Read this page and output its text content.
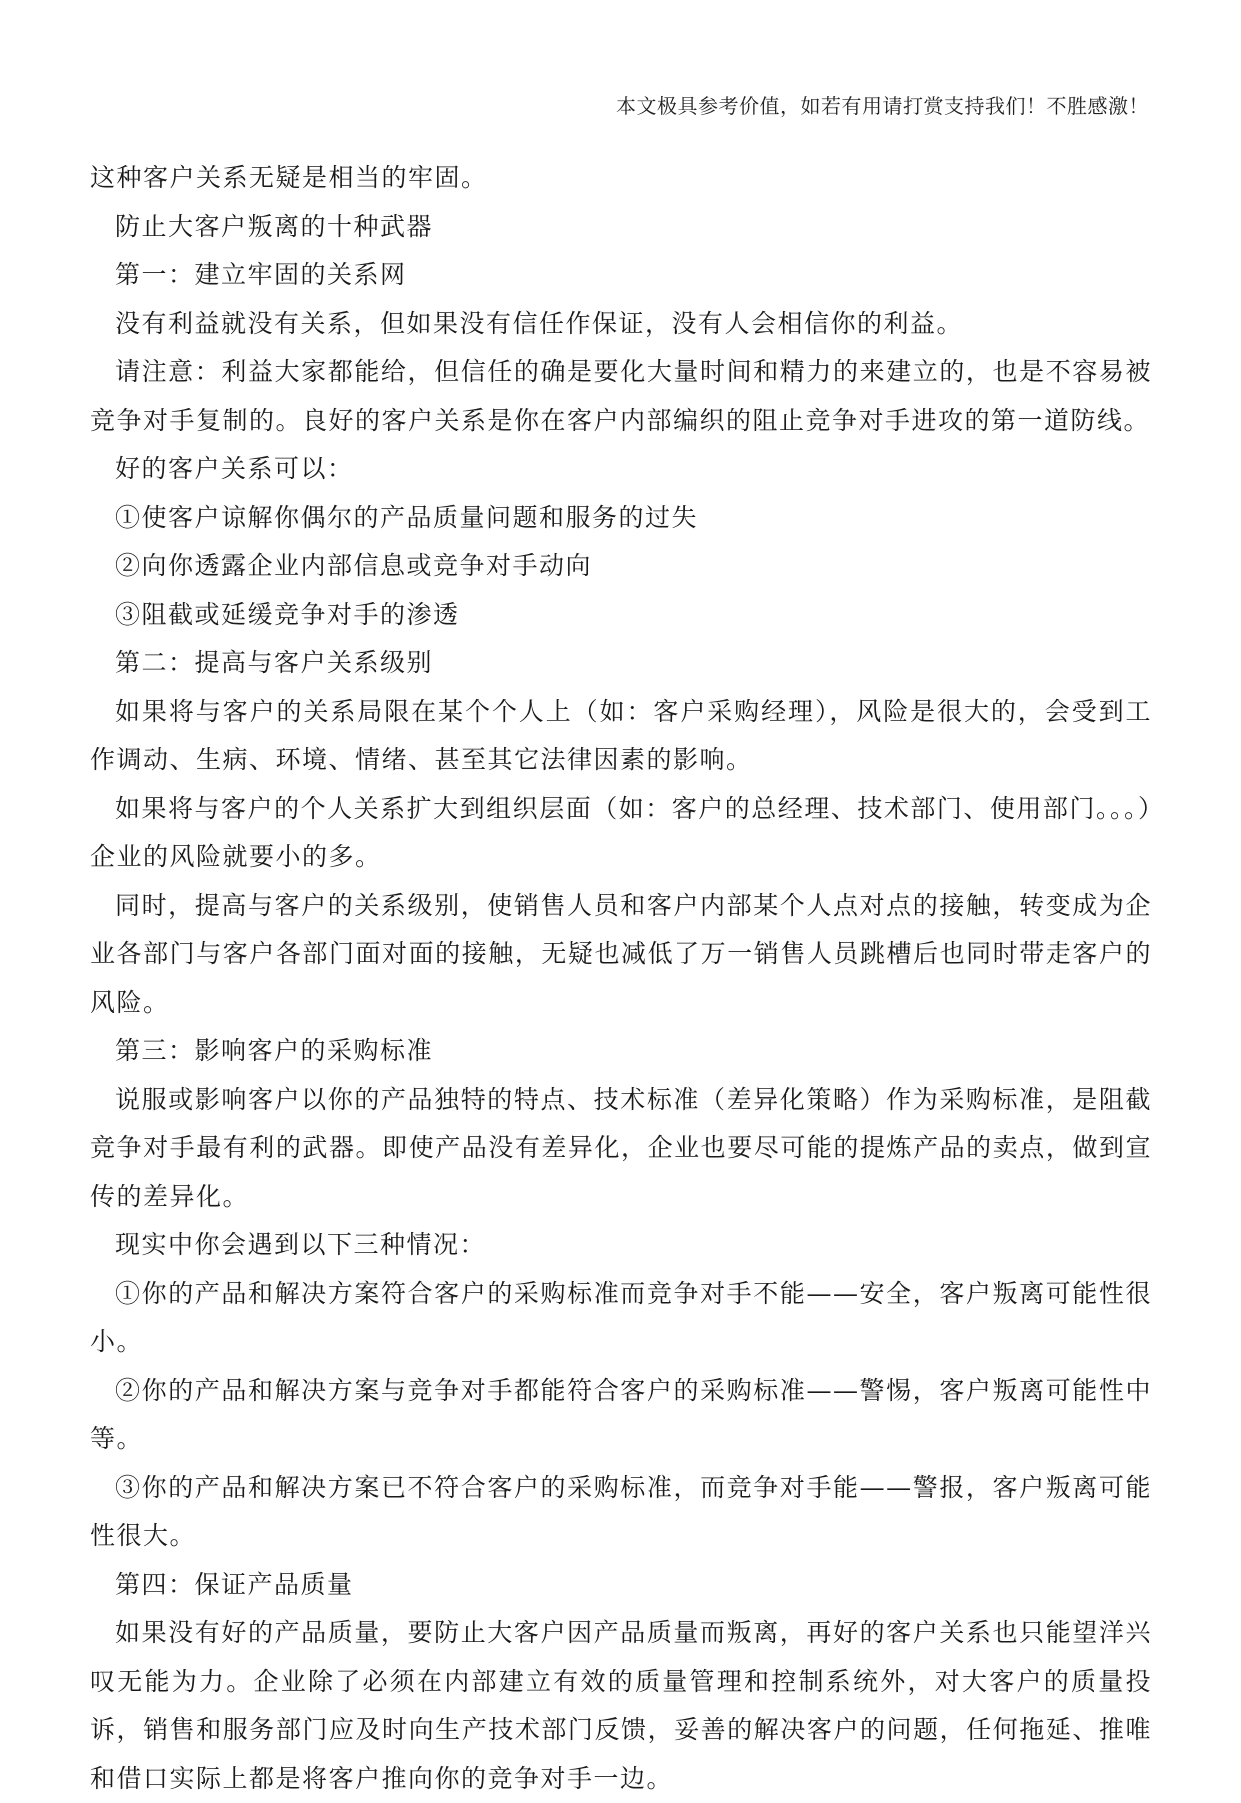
本文极具参考价值，如若有用请打赏支持我们！不胜感激！

这种客户关系无疑是相当的牢固。

防止大客户叛离的十种武器

第一：建立牢固的关系网

没有利益就没有关系，但如果没有信任作保证，没有人会相信你的利益。

请注意：利益大家都能给，但信任的确是要化大量时间和精力的来建立的，也是不容易被竞争对手复制的。良好的客户关系是你在客户内部编织的阻止竞争对手进攻的第一道防线。

好的客户关系可以：

①使客户谅解你偶尔的产品质量问题和服务的过失

②向你透露企业内部信息或竞争对手动向

③阻截或延缓竞争对手的渗透

第二：提高与客户关系级别

如果将与客户的关系局限在某个个人上（如：客户采购经理），风险是很大的，会受到工作调动、生病、环境、情绪、甚至其它法律因素的影响。

如果将与客户的个人关系扩大到组织层面（如：客户的总经理、技术部门、使用部门。。。）企业的风险就要小的多。

同时，提高与客户的关系级别，使销售人员和客户内部某个人点对点的接触，转变成为企业各部门与客户各部门面对面的接触，无疑也减低了万一销售人员跳槽后也同时带走客户的风险。

第三：影响客户的采购标准

说服或影响客户以你的产品独特的特点、技术标准（差异化策略）作为采购标准，是阻截竞争对手最有利的武器。即使产品没有差异化，企业也要尽可能的提炼产品的卖点，做到宣传的差异化。

现实中你会遇到以下三种情况：

①你的产品和解决方案符合客户的采购标准而竞争对手不能——安全，客户叛离可能性很小。

②你的产品和解决方案与竞争对手都能符合客户的采购标准——警惕，客户叛离可能性中等。

③你的产品和解决方案已不符合客户的采购标准，而竞争对手能——警报，客户叛离可能性很大。

第四：保证产品质量

如果没有好的产品质量，要防止大客户因产品质量而叛离，再好的客户关系也只能望洋兴叹无能为力。企业除了必须在内部建立有效的质量管理和控制系统外，对大客户的质量投诉，销售和服务部门应及时向生产技术部门反馈，妥善的解决客户的问题，任何拖延、推唯和借口实际上都是将客户推向你的竞争对手一边。
